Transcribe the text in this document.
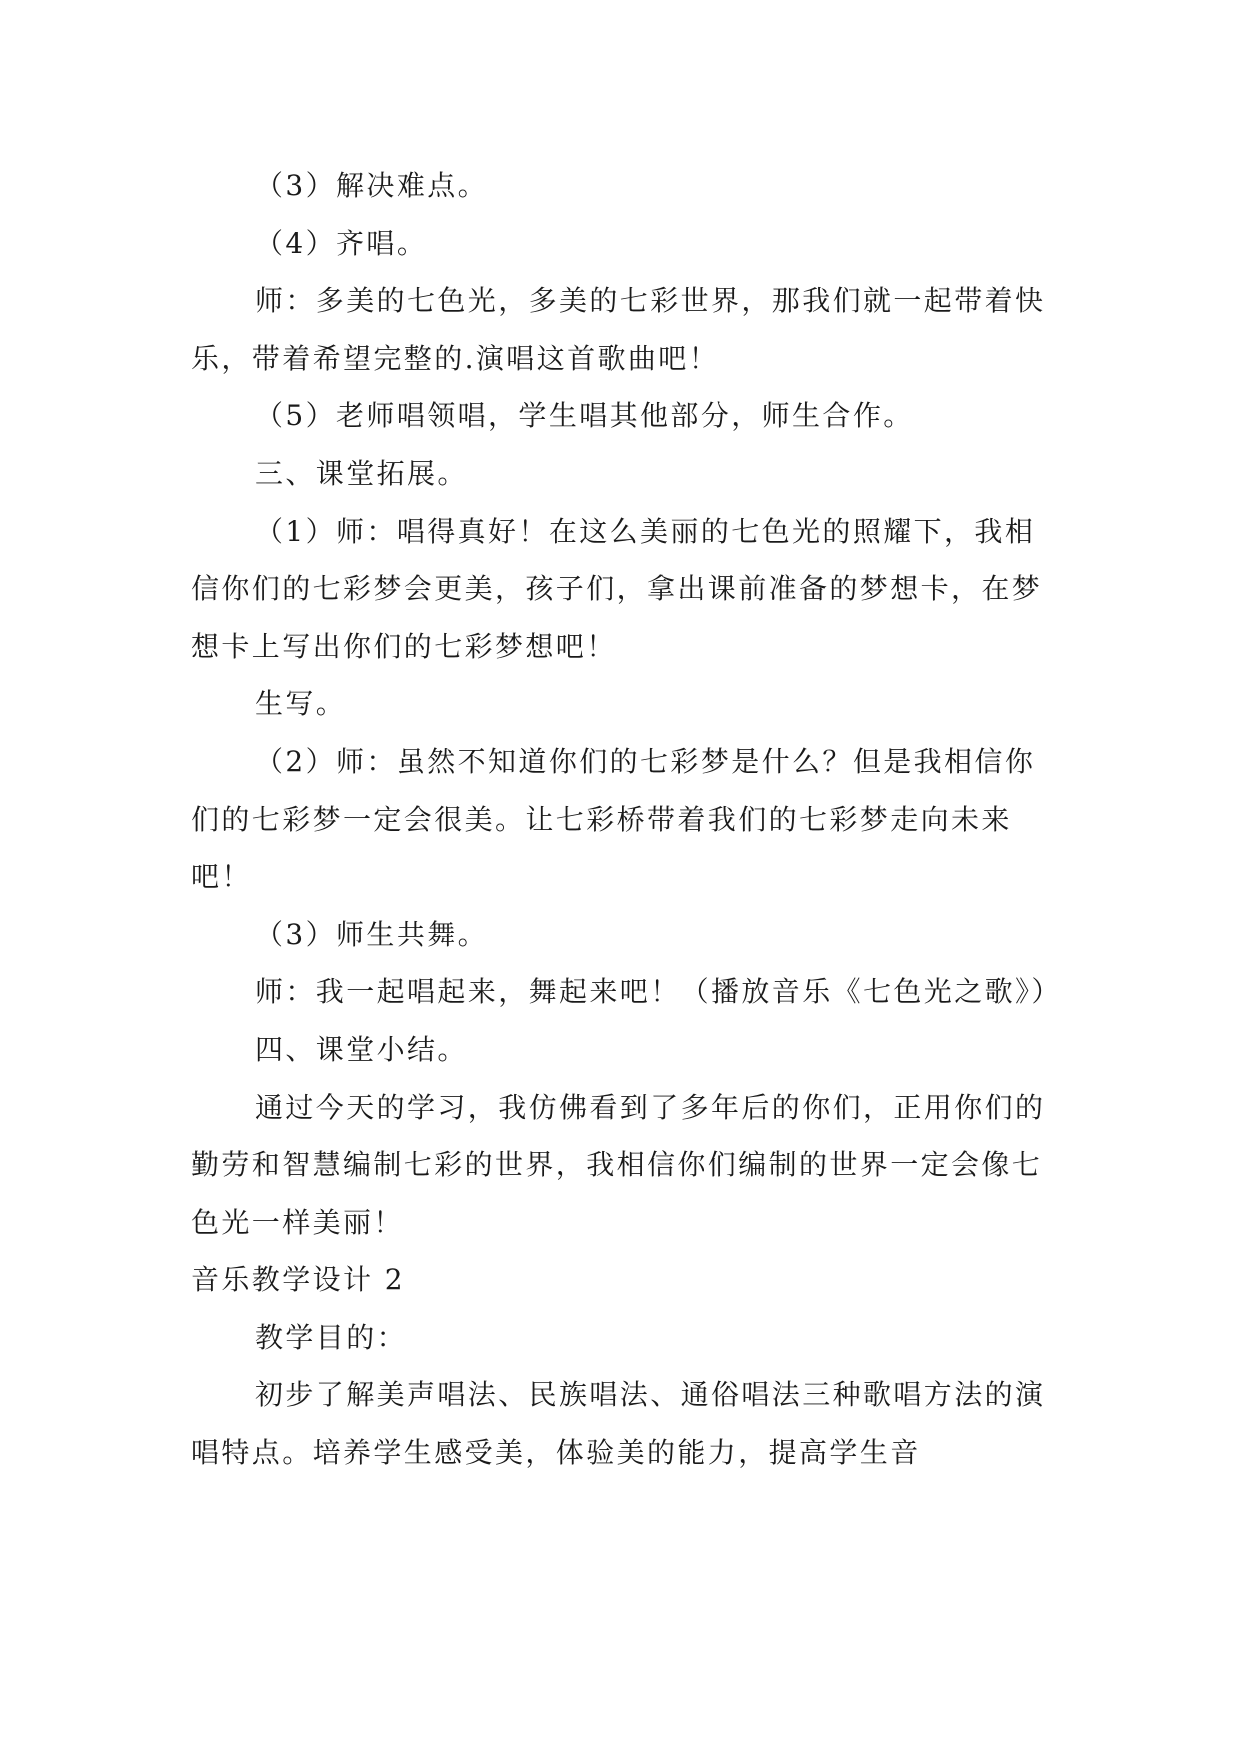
（3）解决难点。

（4）齐唱。

师：多美的七色光，多美的七彩世界，那我们就一起带着快乐，带着希望完整的.演唱这首歌曲吧！

（5）老师唱领唱，学生唱其他部分，师生合作。

三、课堂拓展。

（1）师：唱得真好！在这么美丽的七色光的照耀下，我相信你们的七彩梦会更美，孩子们，拿出课前准备的梦想卡，在梦想卡上写出你们的七彩梦想吧！

生写。

（2）师：虽然不知道你们的七彩梦是什么？但是我相信你们的七彩梦一定会很美。让七彩桥带着我们的七彩梦走向未来吧！

（3）师生共舞。

师：我一起唱起来，舞起来吧！（播放音乐《七色光之歌》）

四、课堂小结。

通过今天的学习，我仿佛看到了多年后的你们，正用你们的勤劳和智慧编制七彩的世界，我相信你们编制的世界一定会像七色光一样美丽！

音乐教学设计 2

教学目的：

初步了解美声唱法、民族唱法、通俗唱法三种歌唱方法的演唱特点。培养学生感受美，体验美的能力，提高学生音
